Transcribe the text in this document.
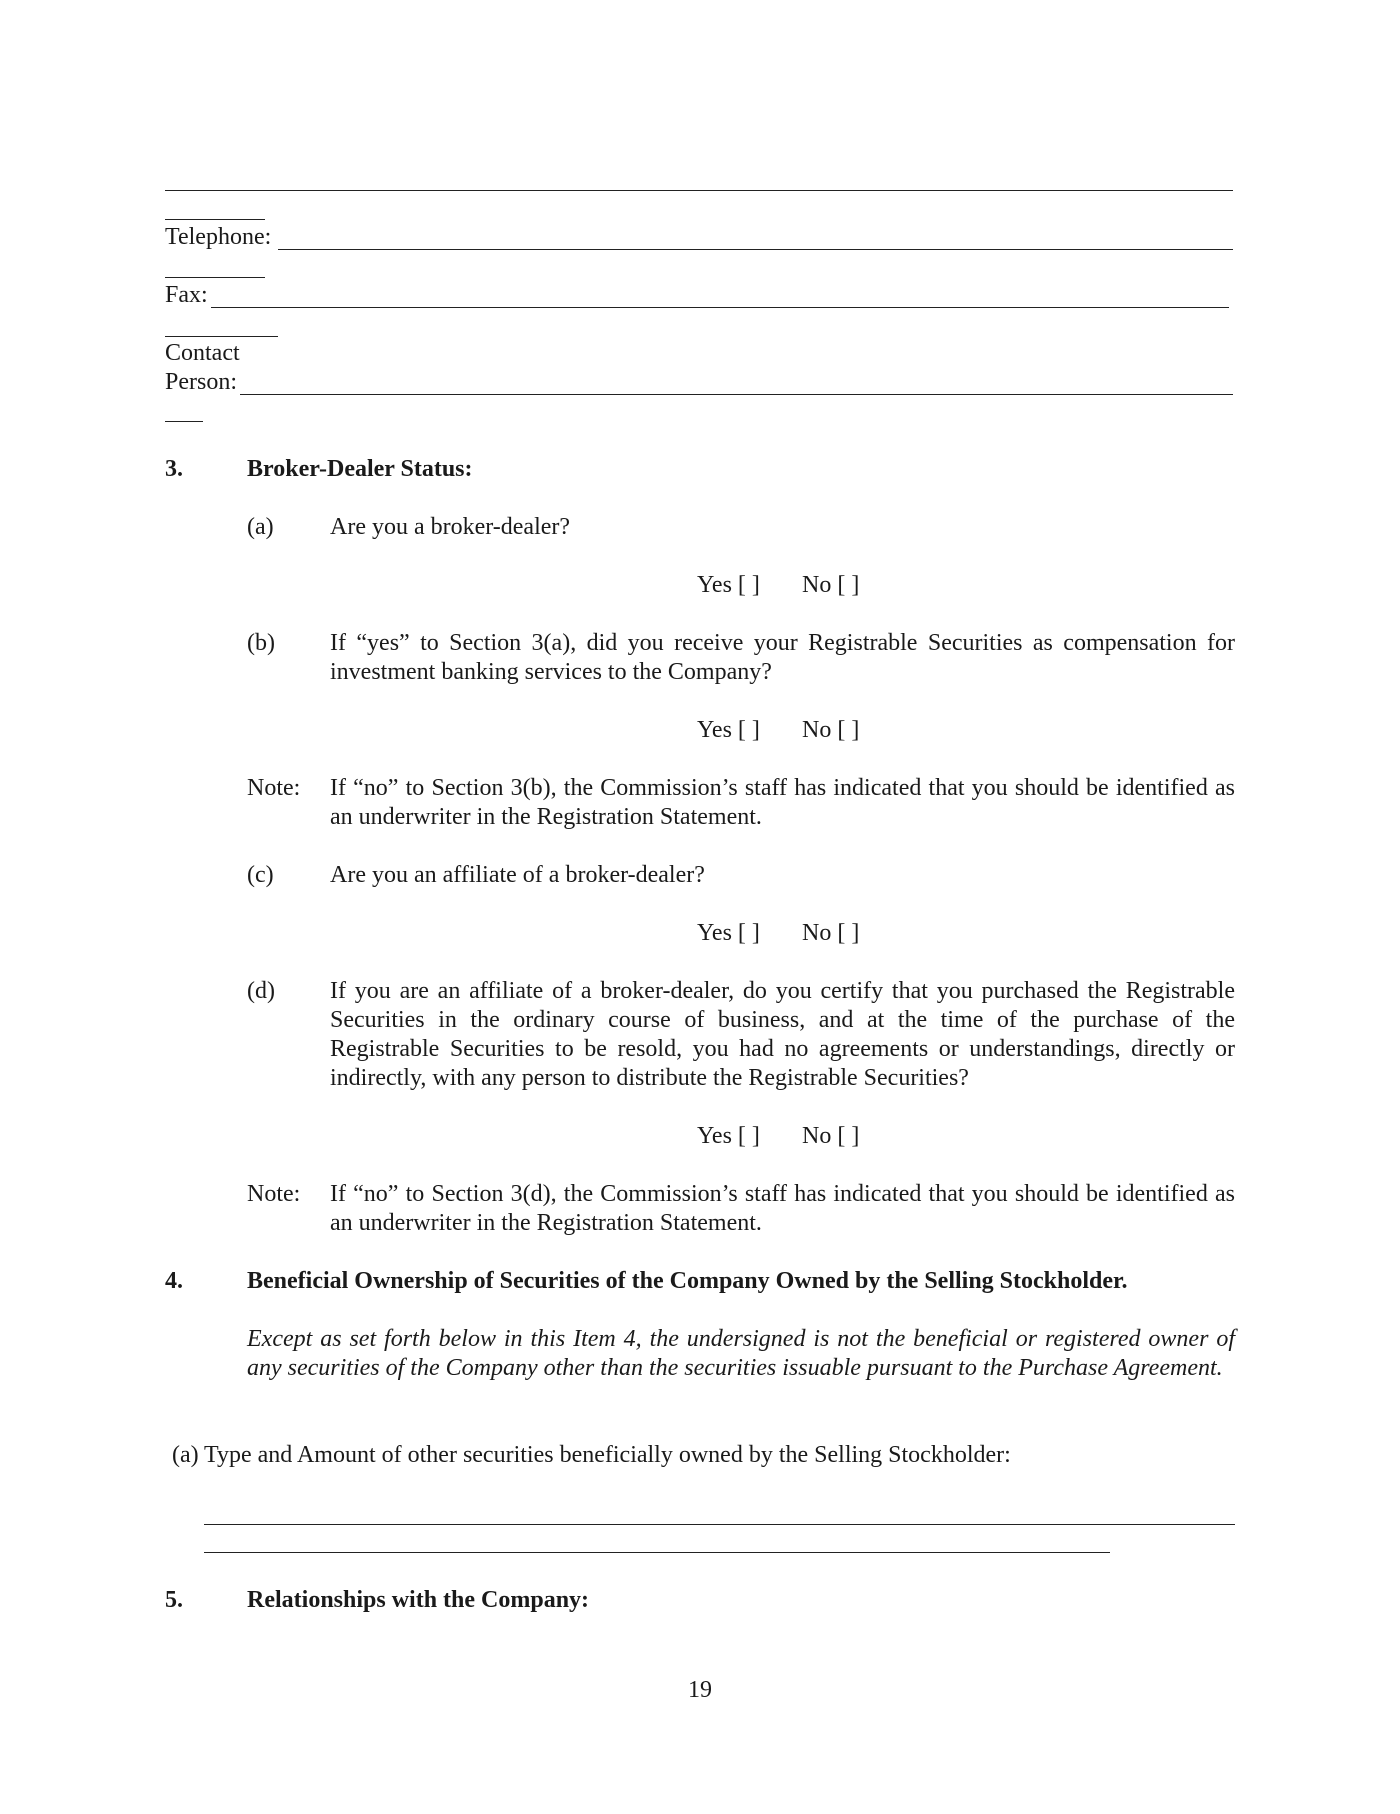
Telephone:
Fax:
Contact
Person:
3.	Broker-Dealer Status:
(a) Are you a broker-dealer?
Yes [ ] No [ ]
(b) If “yes” to Section 3(a), did you receive your Registrable Securities as compensation for investment banking services to the Company?
Yes [ ] No [ ]
Note: If “no” to Section 3(b), the Commission’s staff has indicated that you should be identified as an underwriter in the Registration Statement.
(c) Are you an affiliate of a broker-dealer?
Yes [ ] No [ ]
(d) If you are an affiliate of a broker-dealer, do you certify that you purchased the Registrable Securities in the ordinary course of business, and at the time of the purchase of the Registrable Securities to be resold, you had no agreements or understandings, directly or indirectly, with any person to distribute the Registrable Securities?
Yes [ ] No [ ]
Note: If “no” to Section 3(d), the Commission’s staff has indicated that you should be identified as an underwriter in the Registration Statement.
4.	Beneficial Ownership of Securities of the Company Owned by the Selling Stockholder.
Except as set forth below in this Item 4, the undersigned is not the beneficial or registered owner of any securities of the Company other than the securities issuable pursuant to the Purchase Agreement.
(a) Type and Amount of other securities beneficially owned by the Selling Stockholder:
5.	Relationships with the Company:
19
